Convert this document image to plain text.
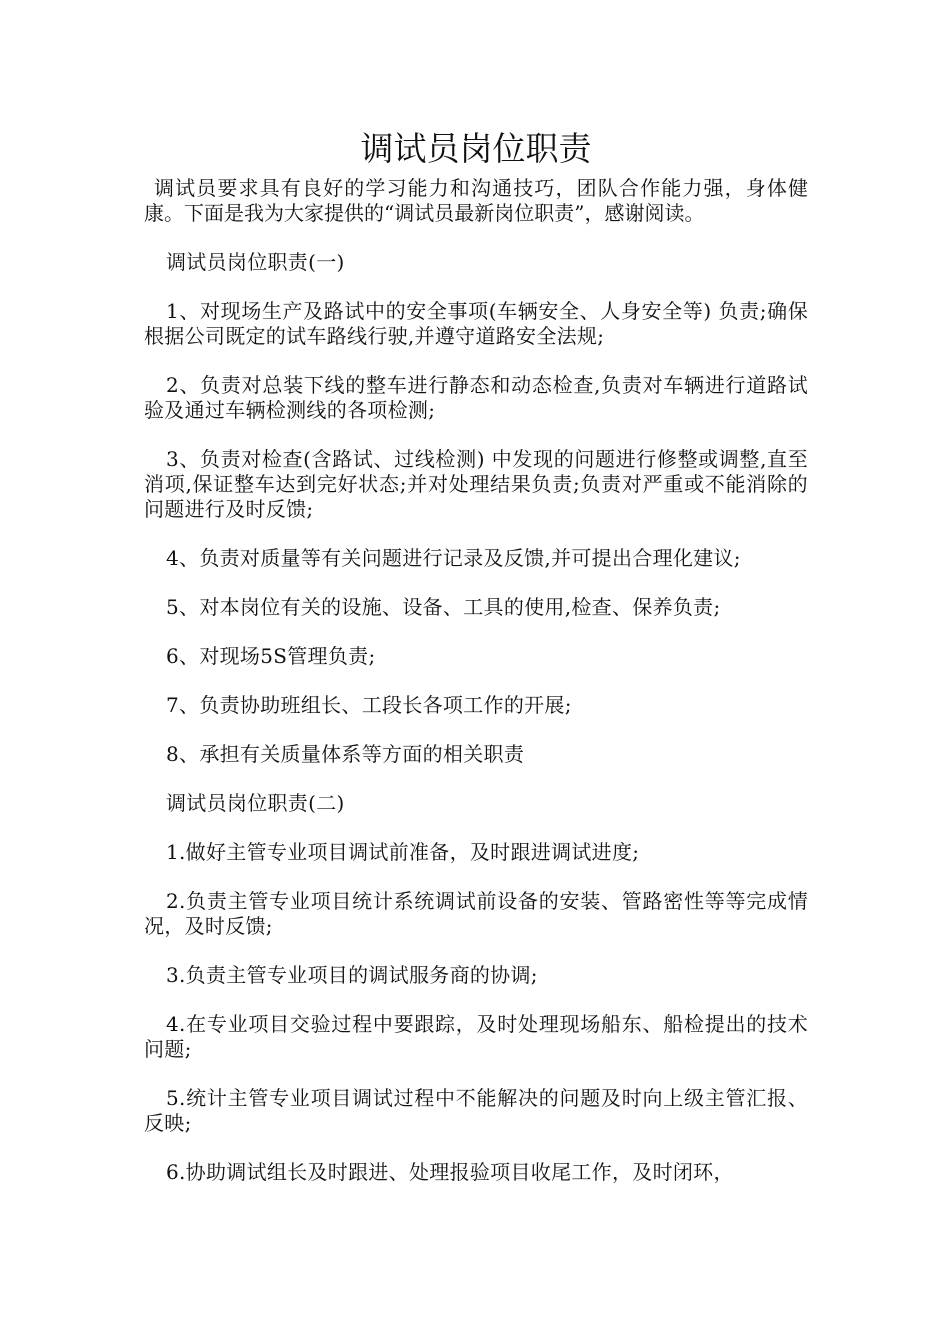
调试员岗位职责

调试员要求具有良好的学习能力和沟通技巧，团队合作能力强，身体健康。下面是我为大家提供的“调试员最新岗位职责”，感谢阅读。

调试员岗位职责(一)

1、对现场生产及路试中的安全事项(车辆安全、人身安全等) 负责;确保根据公司既定的试车路线行驶,并遵守道路安全法规;

2、负责对总装下线的整车进行静态和动态检查,负责对车辆进行道路试验及通过车辆检测线的各项检测;

3、负责对检查(含路试、过线检测) 中发现的问题进行修整或调整,直至消项,保证整车达到完好状态;并对处理结果负责;负责对严重或不能消除的问题进行及时反馈;

4、负责对质量等有关问题进行记录及反馈,并可提出合理化建议;

5、对本岗位有关的设施、设备、工具的使用,检查、保养负责;

6、对现场5S管理负责;

7、负责协助班组长、工段长各项工作的开展;

8、承担有关质量体系等方面的相关职责

调试员岗位职责(二)

1.做好主管专业项目调试前准备，及时跟进调试进度;

2.负责主管专业项目统计系统调试前设备的安装、管路密性等等完成情况，及时反馈;

3.负责主管专业项目的调试服务商的协调;

4.在专业项目交验过程中要跟踪，及时处理现场船东、船检提出的技术问题;

5.统计主管专业项目调试过程中不能解决的问题及时向上级主管汇报、反映;

6.协助调试组长及时跟进、处理报验项目收尾工作，及时闭环，
